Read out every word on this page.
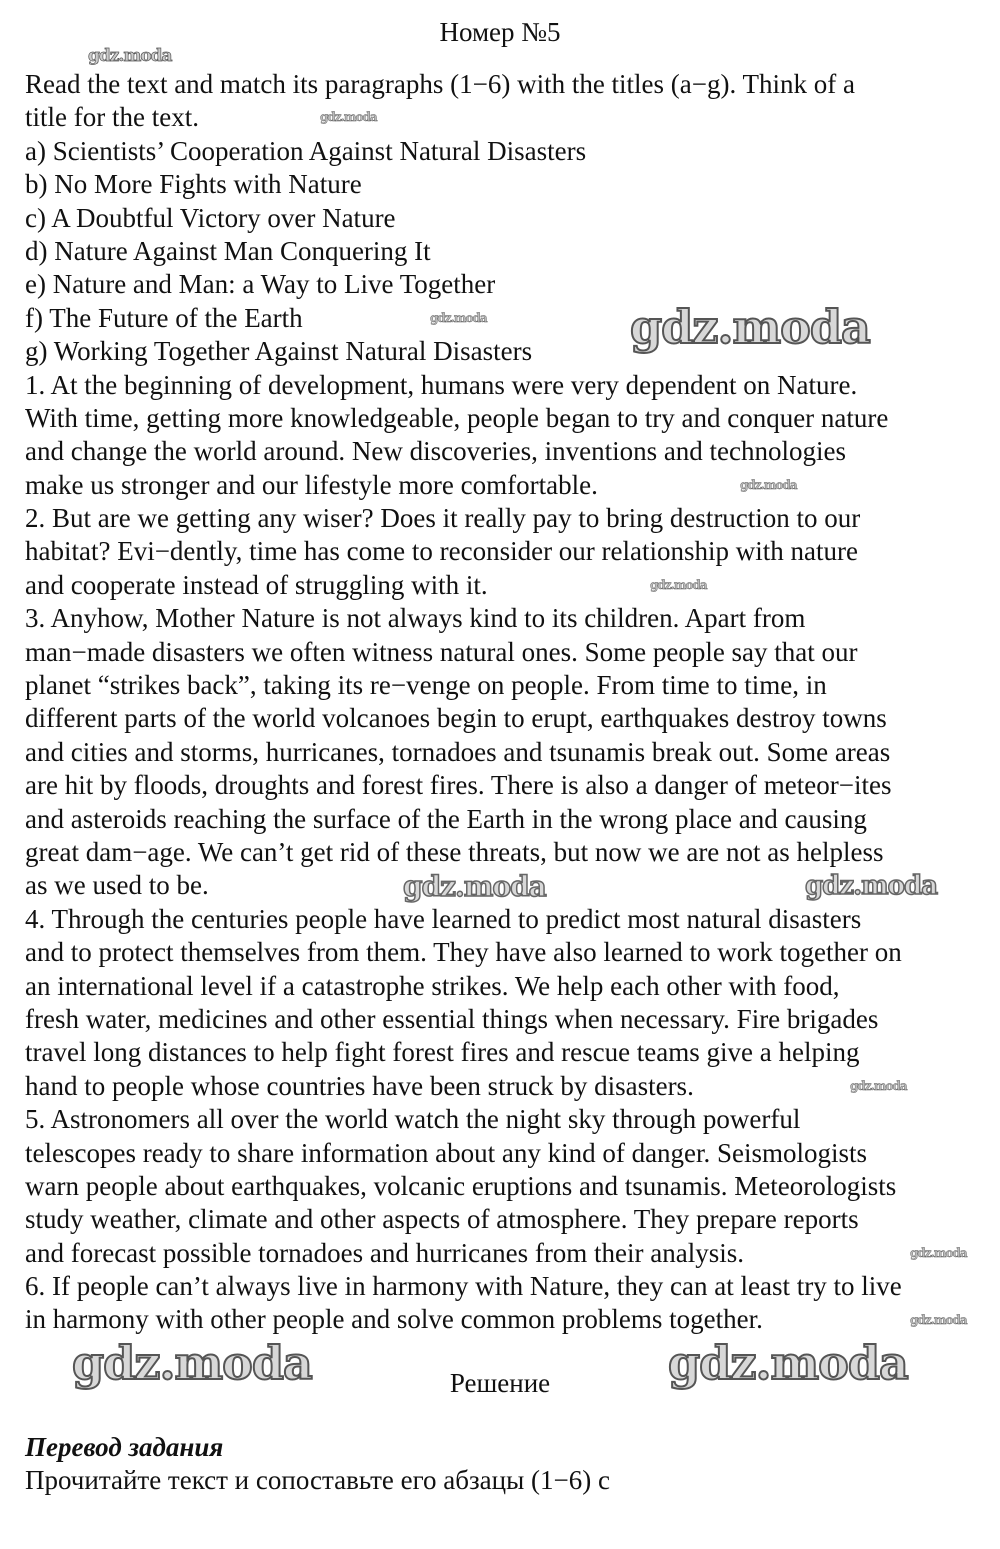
Номер №5
Read the text and match its paragraphs (1−6) with the titles (a−g). Think of a
title for the text.
a) Scientists’ Cooperation Against Natural Disasters
b) No More Fights with Nature
c) A Doubtful Victory over Nature
d) Nature Against Man Conquering It
e) Nature and Man: a Way to Live Together
f) The Future of the Earth
g) Working Together Against Natural Disasters
1. At the beginning of development, humans were very dependent on Nature.
With time, getting more knowledgeable, people began to try and conquer nature
and change the world around. New discoveries, inventions and technologies
make us stronger and our lifestyle more comfortable.
2. But are we getting any wiser? Does it really pay to bring destruction to our
habitat? Evi−dently, time has come to reconsider our relationship with nature
and cooperate instead of struggling with it.
3. Anyhow, Mother Nature is not always kind to its children. Apart from
man−made disasters we often witness natural ones. Some people say that our
planet “strikes back”, taking its re−venge on people. From time to time, in
different parts of the world volcanoes begin to erupt, earthquakes destroy towns
and cities and storms, hurricanes, tornadoes and tsunamis break out. Some areas
are hit by floods, droughts and forest fires. There is also a danger of meteor−ites
and asteroids reaching the surface of the Earth in the wrong place and causing
great dam−age. We can’t get rid of these threats, but now we are not as helpless
as we used to be.
4. Through the centuries people have learned to predict most natural disasters
and to protect themselves from them. They have also learned to work together on
an international level if a catastrophe strikes. We help each other with food,
fresh water, medicines and other essential things when necessary. Fire brigades
travel long distances to help fight forest fires and rescue teams give a helping
hand to people whose countries have been struck by disasters.
5. Astronomers all over the world watch the night sky through powerful
telescopes ready to share information about any kind of danger. Seismologists
warn people about earthquakes, volcanic eruptions and tsunamis. Meteorologists
study weather, climate and other aspects of atmosphere. They prepare reports
and forecast possible tornadoes and hurricanes from their analysis.
6. If people can’t always live in harmony with Nature, they can at least try to live
in harmony with other people and solve common problems together.
Решение
Перевод задания
Прочитайте текст и сопоставьте его абзацы (1−6) с
gdz.moda
gdz.moda
gdz.moda
gdz.moda
gdz.moda
gdz.moda
gdz.moda
gdz.moda
gdz.moda
gdz.moda	gdz.moda
gdz.moda	gdz.moda
